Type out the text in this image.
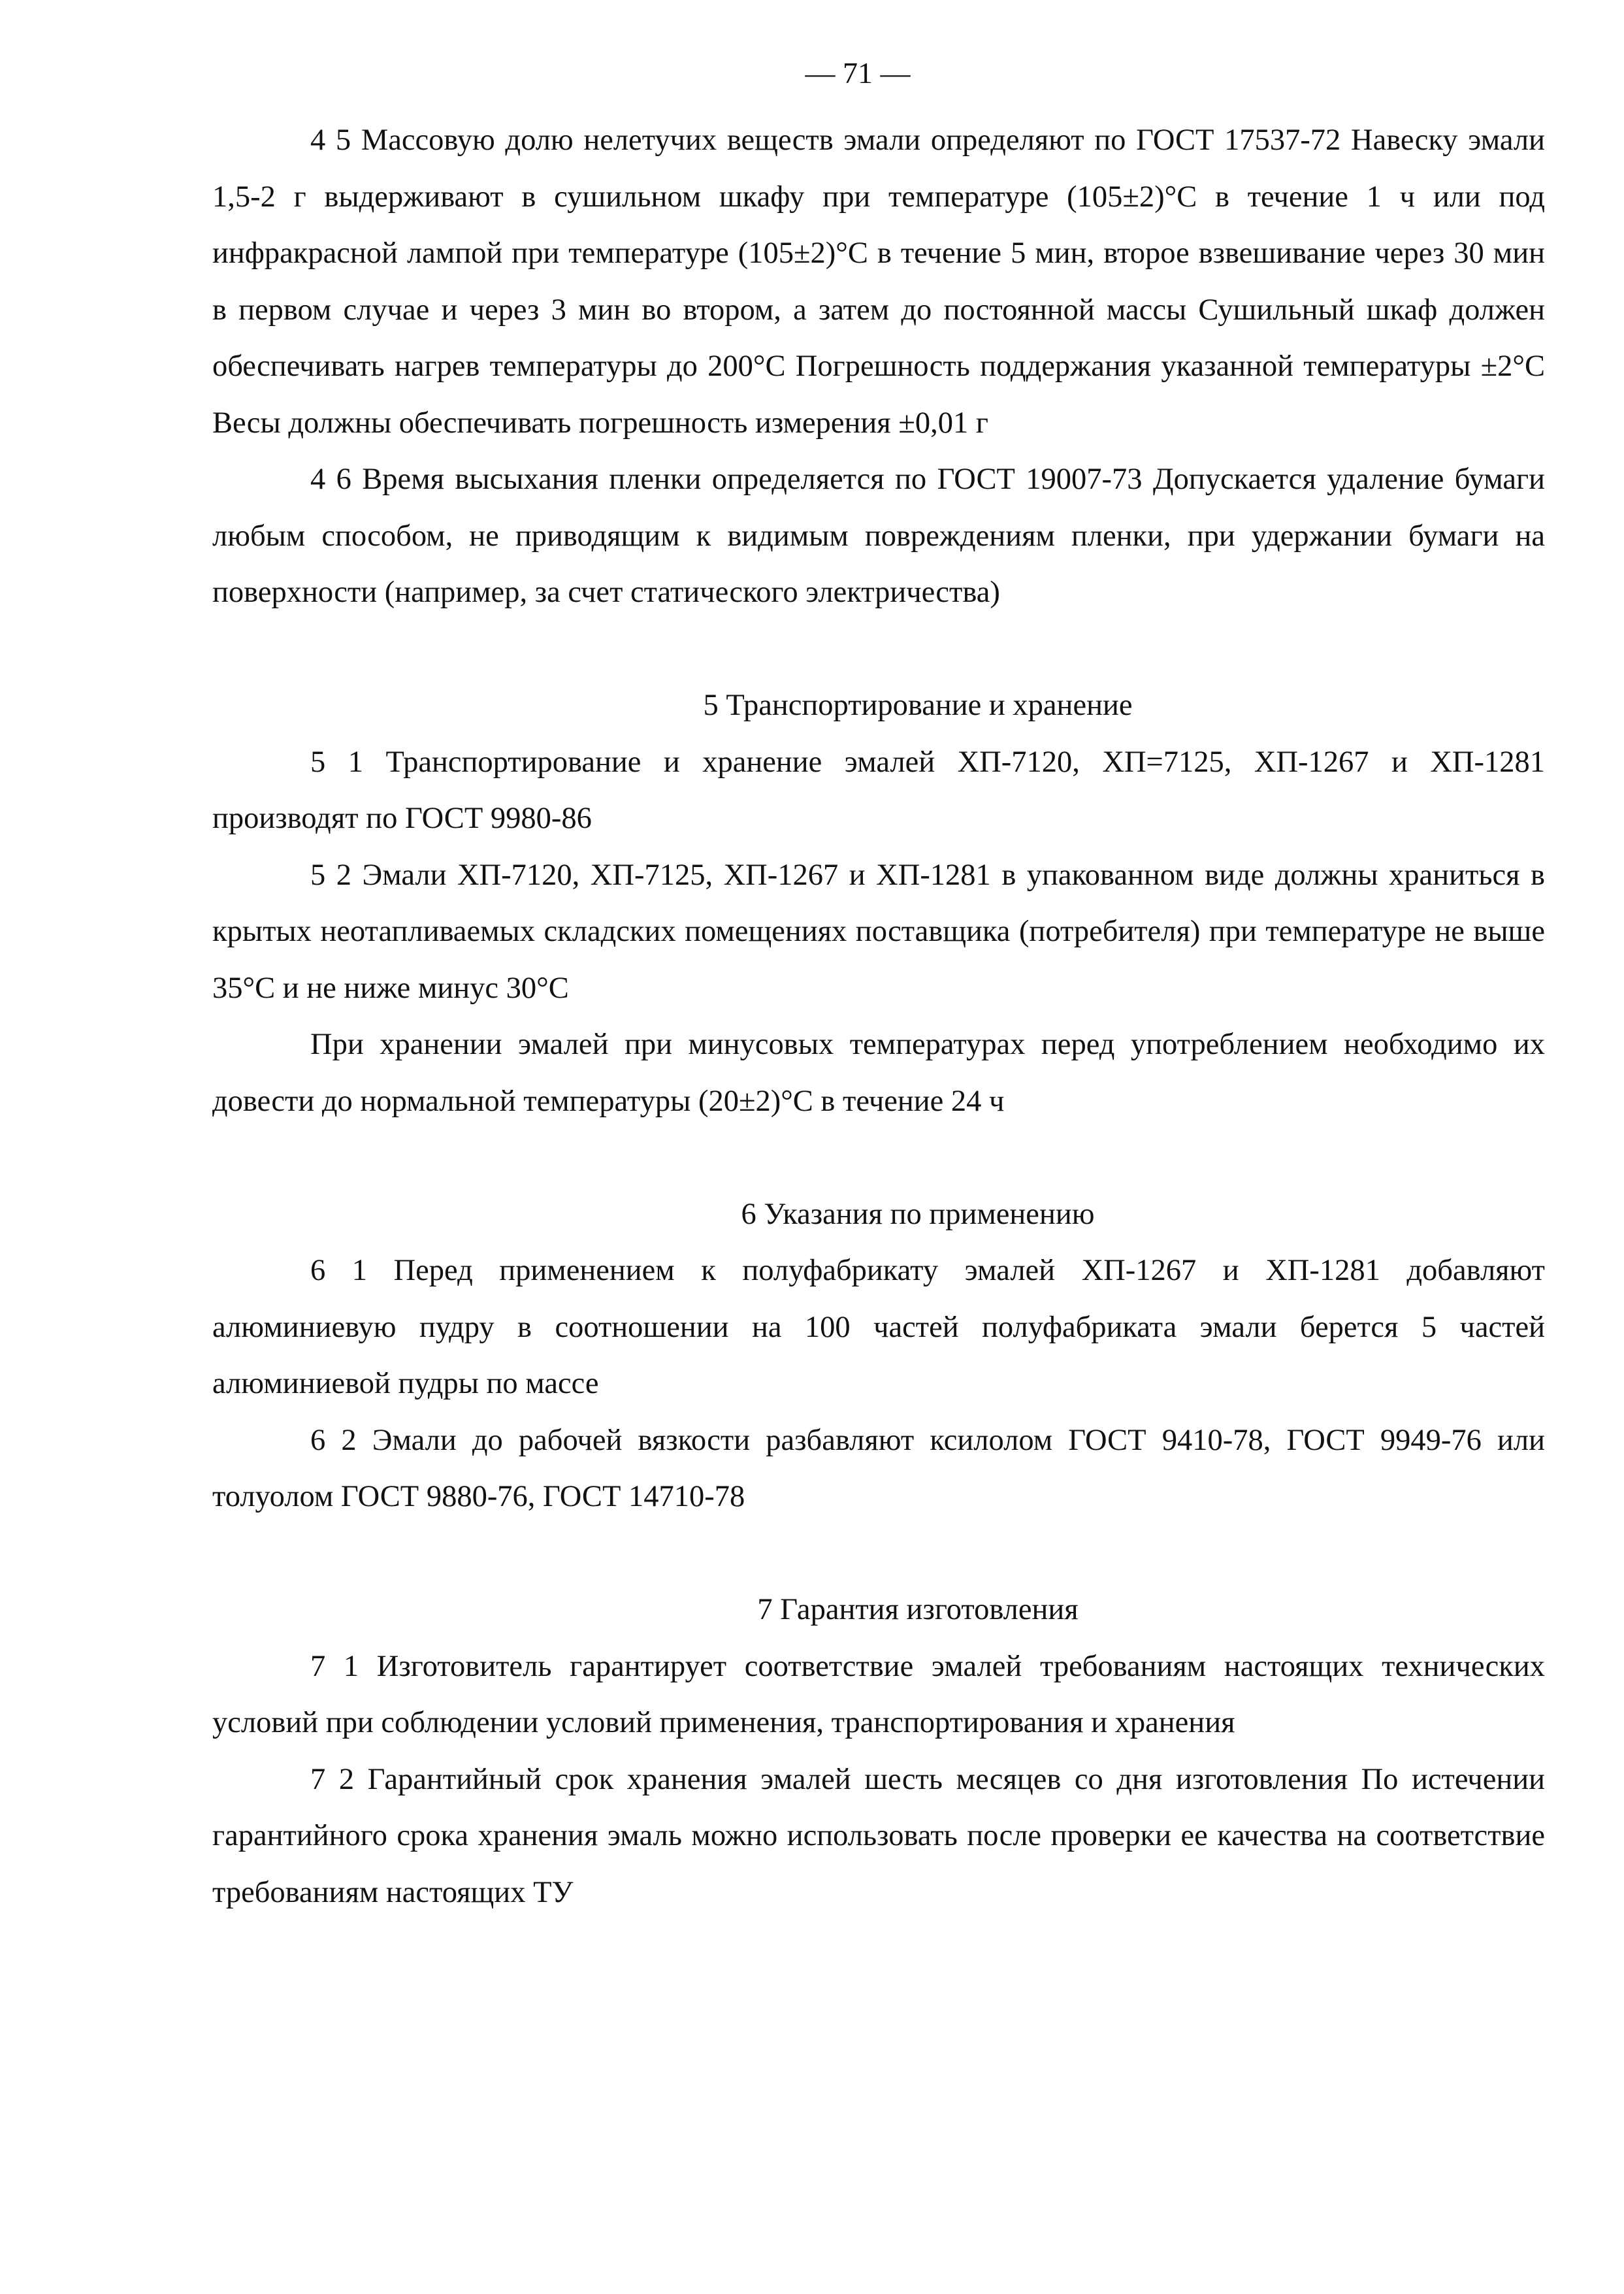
— 71 —

4 5 Массовую долю нелетучих веществ эмали определяют по ГОСТ 17537-72 Навеску эмали 1,5-2 г выдерживают в сушильном шкафу при температуре (105±2)°С в течение 1 ч или под инфракрасной лампой при температуре (105±2)°С в течение 5 мин, второе взвешивание через 30 мин в первом случае и через 3 мин во втором, а затем до постоянной массы Сушильный шкаф должен обеспечивать нагрев температуры до 200°С Погрешность поддержания указанной температуры ±2°С Весы должны обеспечивать погрешность измерения ±0,01 г

4 6 Время высыхания пленки определяется по ГОСТ 19007-73 Допускается удаление бумаги любым способом, не приводящим к видимым повреждениям пленки, при удержании бумаги на поверхности (например, за счет статического электричества)

5 Транспортирование и хранение

5 1 Транспортирование и хранение эмалей ХП-7120, ХП=7125, ХП-1267 и ХП-1281 производят по ГОСТ 9980-86

5 2 Эмали ХП-7120, ХП-7125, ХП-1267 и ХП-1281 в упакованном виде должны храниться в крытых неотапливаемых складских помещениях поставщика (потребителя) при температуре не выше 35°С и не ниже минус 30°С

При хранении эмалей при минусовых температурах перед употреблением необходимо их довести до нормальной температуры (20±2)°С в течение 24 ч

6 Указания по применению

6 1 Перед применением к полуфабрикату эмалей ХП-1267 и ХП-1281 добавляют алюминиевую пудру в соотношении на 100 частей полуфабриката эмали берется 5 частей алюминиевой пудры по массе

6 2 Эмали до рабочей вязкости разбавляют ксилолом ГОСТ 9410-78, ГОСТ 9949-76 или толуолом ГОСТ 9880-76, ГОСТ 14710-78

7 Гарантия изготовления

7 1 Изготовитель гарантирует соответствие эмалей требованиям настоящих технических условий при соблюдении условий применения, транспортирования и хранения

7 2 Гарантийный срок хранения эмалей шесть месяцев со дня изготовления По истечении гарантийного срока хранения эмаль можно использовать после проверки ее качества на соответствие требованиям настоящих ТУ
